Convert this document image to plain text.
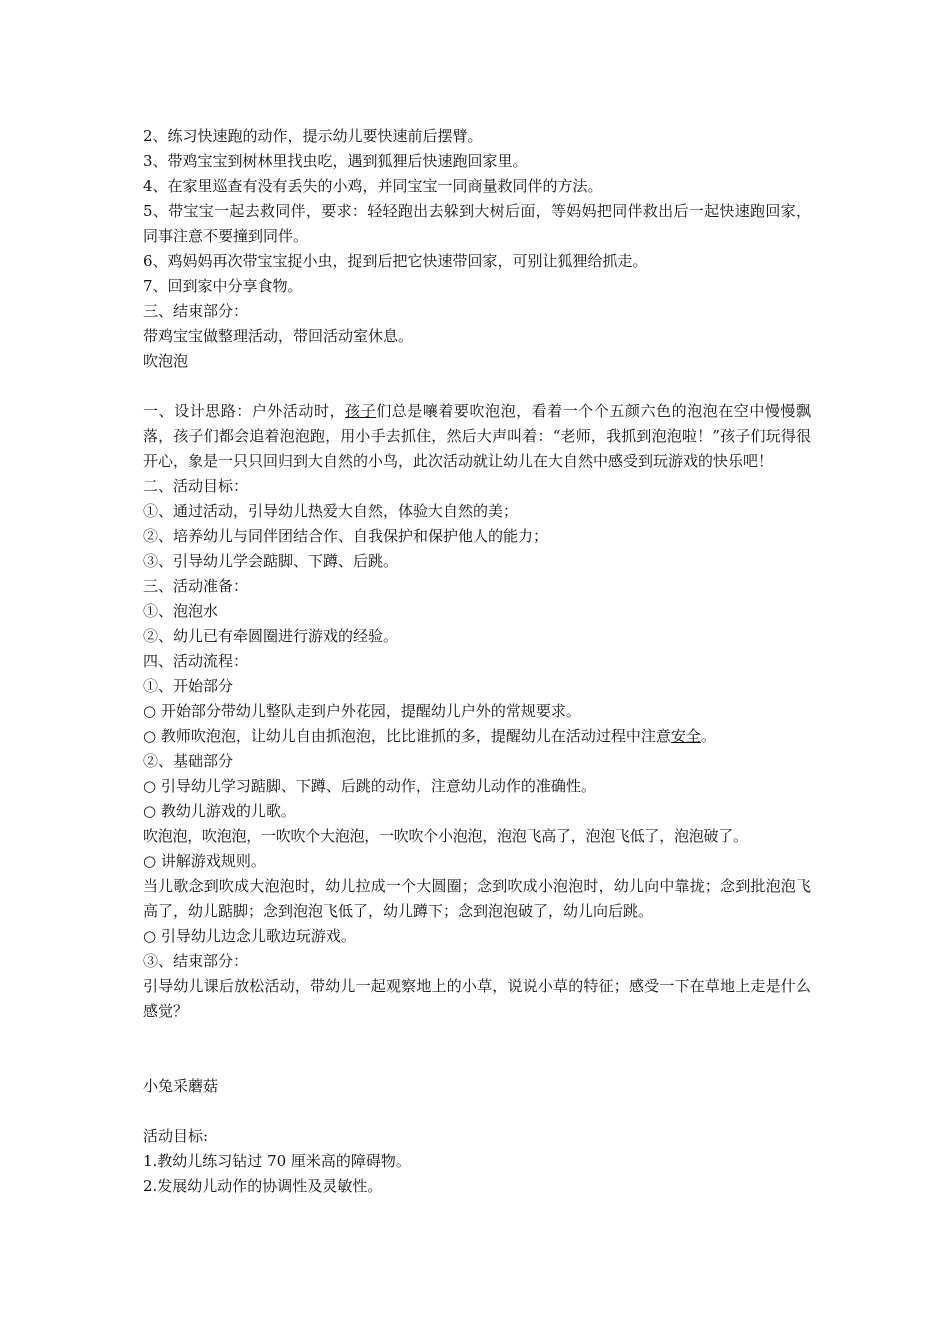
2、练习快速跑的动作，提示幼儿要快速前后摆臂。
3、带鸡宝宝到树林里找虫吃，遇到狐狸后快速跑回家里。
4、在家里巡查有没有丢失的小鸡，并同宝宝一同商量救同伴的方法。

5、带宝宝一起去救同伴，要求：轻轻跑出去躲到大树后面，等妈妈把同伴救出后一起快速跑回家，同事注意不要撞到同伴。

6、鸡妈妈再次带宝宝捉小虫，捉到后把它快速带回家，可别让狐狸给抓走。
7、回到家中分享食物。
三、结束部分：
带鸡宝宝做整理活动，带回活动室休息。
吹泡泡

一、设计思路：户外活动时，孩子们总是嚷着要吹泡泡，看着一个个五颜六色的泡泡在空中慢慢飘落，孩子们都会追着泡泡跑，用小手去抓住，然后大声叫着：“老师，我抓到泡泡啦！”孩子们玩得很开心，象是一只只回归到大自然的小鸟，此次活动就让幼儿在大自然中感受到玩游戏的快乐吧！

二、活动目标：
①、通过活动，引导幼儿热爱大自然，体验大自然的美；
②、培养幼儿与同伴团结合作、自我保护和保护他人的能力；
③、引导幼儿学会踮脚、下蹲、后跳。
三、活动准备：
①、泡泡水
②、幼儿已有牵圆圈进行游戏的经验。
四、活动流程：
①、开始部分
○ 开始部分带幼儿整队走到户外花园，提醒幼儿户外的常规要求。
○ 教师吹泡泡，让幼儿自由抓泡泡，比比谁抓的多，提醒幼儿在活动过程中注意安全。
②、基础部分
○ 引导幼儿学习踮脚、下蹲、后跳的动作，注意幼儿动作的准确性。
○ 教幼儿游戏的儿歌。
吹泡泡，吹泡泡，一吹吹个大泡泡，一吹吹个小泡泡，泡泡飞高了，泡泡飞低了，泡泡破了。
○ 讲解游戏规则。

当儿歌念到吹成大泡泡时，幼儿拉成一个大圆圈；念到吹成小泡泡时，幼儿向中靠拢；念到批泡泡飞高了，幼儿踮脚；念到泡泡飞低了，幼儿蹲下；念到泡泡破了，幼儿向后跳。

○ 引导幼儿边念儿歌边玩游戏。
③、结束部分：

引导幼儿课后放松活动，带幼儿一起观察地上的小草，说说小草的特征；感受一下在草地上走是什么感觉？

小兔采蘑菇
活动目标:
1.教幼儿练习钻过 70 厘米高的障碍物。
2.发展幼儿动作的协调性及灵敏性。
